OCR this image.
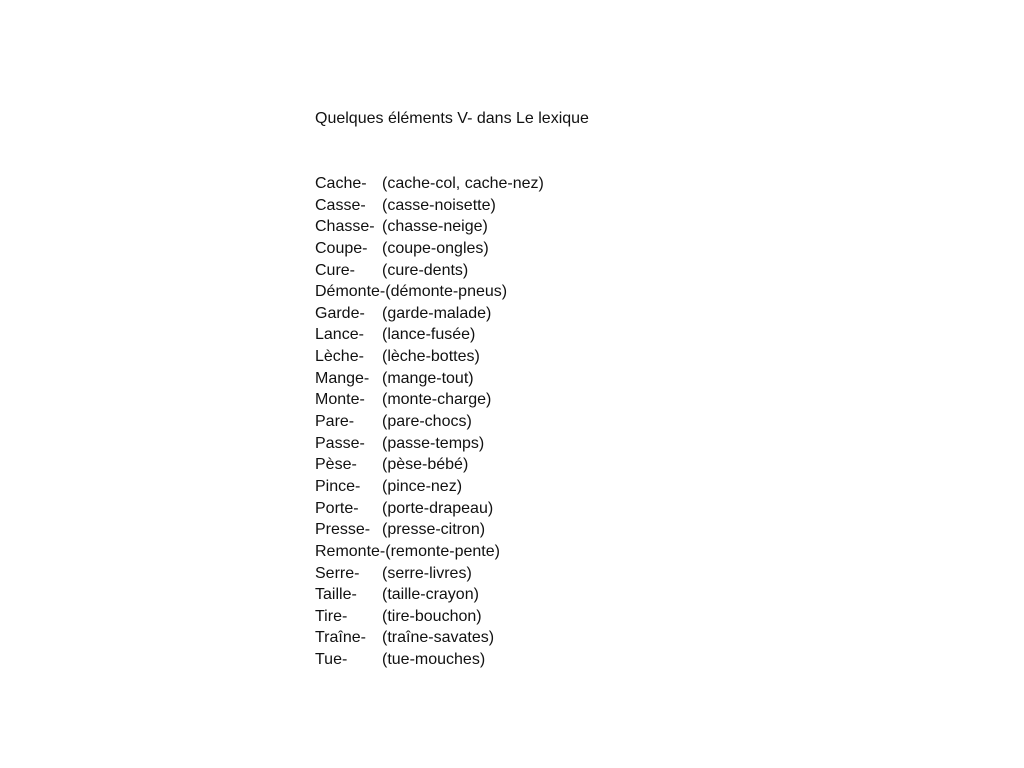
Quelques éléments V- dans Le lexique
Cache- (cache-col, cache-nez)
Casse-	(casse-noisette)
Chasse- (chasse-neige)
Coupe- (coupe-ongles)
Cure-	(cure-dents)
Démonte- (démonte-pneus)
Garde-	(garde-malade)
Lance-	(lance-fusée)
Lèche-	(lèche-bottes)
Mange- (mange-tout)
Monte-	(monte-charge)
Pare-	(pare-chocs)
Passe-	(passe-temps)
Pèse-	(pèse-bébé)
Pince-	(pince-nez)
Porte-	(porte-drapeau)
Presse- (presse-citron)
Remonte- (remonte-pente)
Serre-	(serre-livres)
Taille-	(taille-crayon)
Tire-	(tire-bouchon)
Traîne-	(traîne-savates)
Tue-	(tue-mouches)
